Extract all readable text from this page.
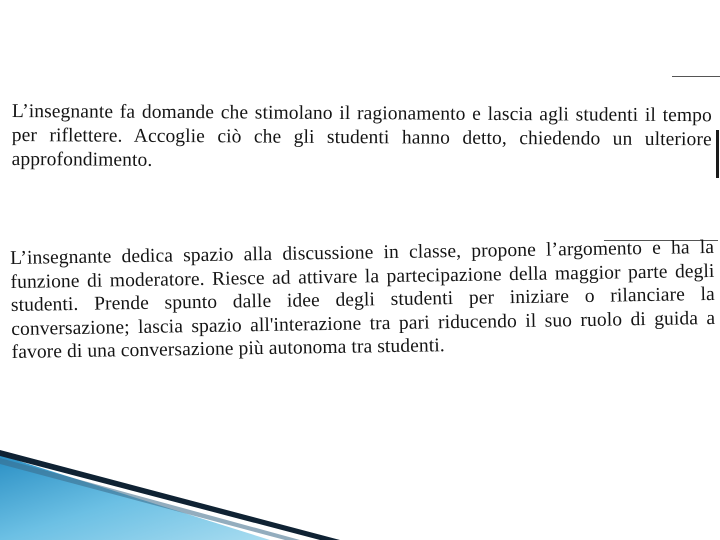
L’insegnante fa domande che stimolano il ragionamento e lascia agli studenti il tempo per riflettere. Accoglie ciò che gli studenti hanno detto, chiedendo un ulteriore approfondimento.

L’insegnante dedica spazio alla discussione in classe, propone l’argomento e ha la funzione di moderatore. Riesce ad attivare la partecipazione della maggior parte degli studenti. Prende spunto dalle idee degli studenti per iniziare o rilanciare la conversazione; lascia spazio all'interazione tra pari riducendo il suo ruolo di guida a favore di una conversazione più autonoma tra studenti.
